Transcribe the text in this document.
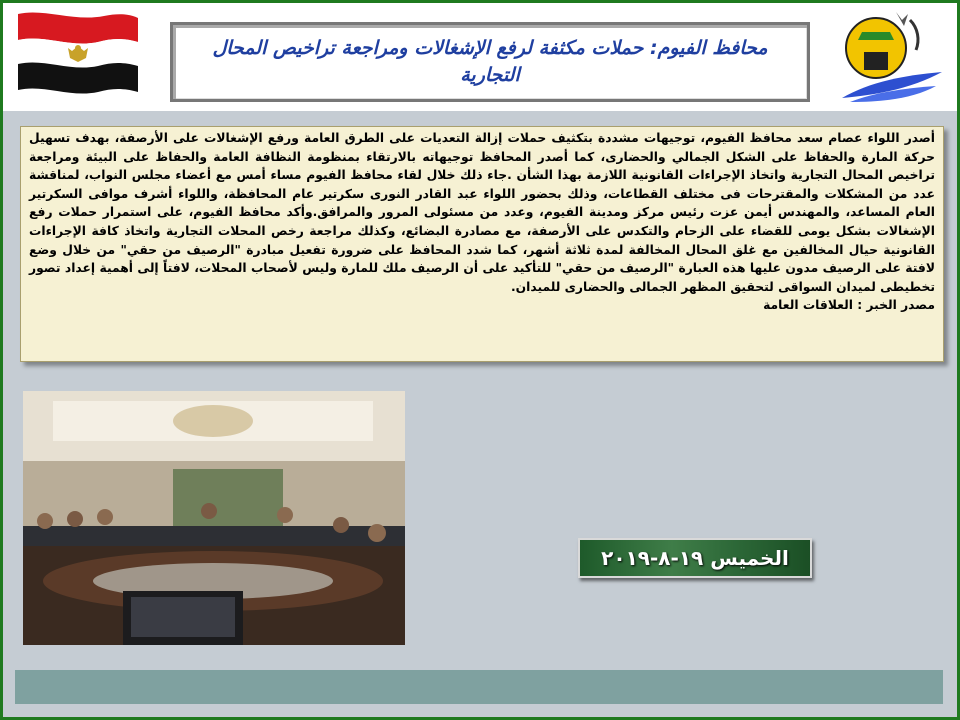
محافظ الفيوم: حملات مكثفة لرفع الإشغالات ومراجعة تراخيص المحال التجارية

أصدر اللواء عصام سعد محافظ الفيوم، توجيهات مشددة بتكثيف حملات إزالة التعديات على الطرق العامة ورفع الإشغالات على الأرصفة، بهدف تسهيل حركة المارة والحفاظ على الشكل الجمالي والحضارى، كما أصدر المحافظ توجيهاته بالارتقاء بمنظومة النظافة العامة والحفاظ على البيئة ومراجعة تراخيص المحال التجارية واتخاذ الإجراءات القانونية اللازمة بهذا الشأن .جاء ذلك خلال لقاء محافظ الفيوم مساء أمس مع أعضاء مجلس النواب، لمناقشة عدد من المشكلات والمقترحات فى مختلف القطاعات، وذلك بحضور اللواء عبد القادر النورى سكرتير عام المحافظة، واللواء أشرف موافى السكرتير العام المساعد، والمهندس أيمن عزت رئيس مركز ومدينة الفيوم، وعدد من مسئولى المرور والمرافق.وأكد محافظ الفيوم، على استمرار حملات رفع الإشغالات بشكل يومى للقضاء على الزحام والتكدس على الأرصفة، مع مصادرة البضائع، وكذلك مراجعة رخص المحلات التجارية واتخاذ كافة الإجراءات القانونية حيال المخالفين مع غلق المحال المخالفة لمدة ثلاثة أشهر، كما شدد المحافظ على ضرورة تفعيل مبادرة "الرصيف من حقي" من خلال وضع لافتة على الرصيف مدون عليها هذه العبارة "الرصيف من حقي" للتأكيد على أن الرصيف ملك للمارة وليس لأصحاب المحلات، لافتاً إلى أهمية إعداد تصور تخطيطى لميدان السواقى لتحقيق المظهر الجمالى والحضارى للميدان.

مصدر الخبر : العلاقات العامة

الخميس ١٩-٨-٢٠١٩
